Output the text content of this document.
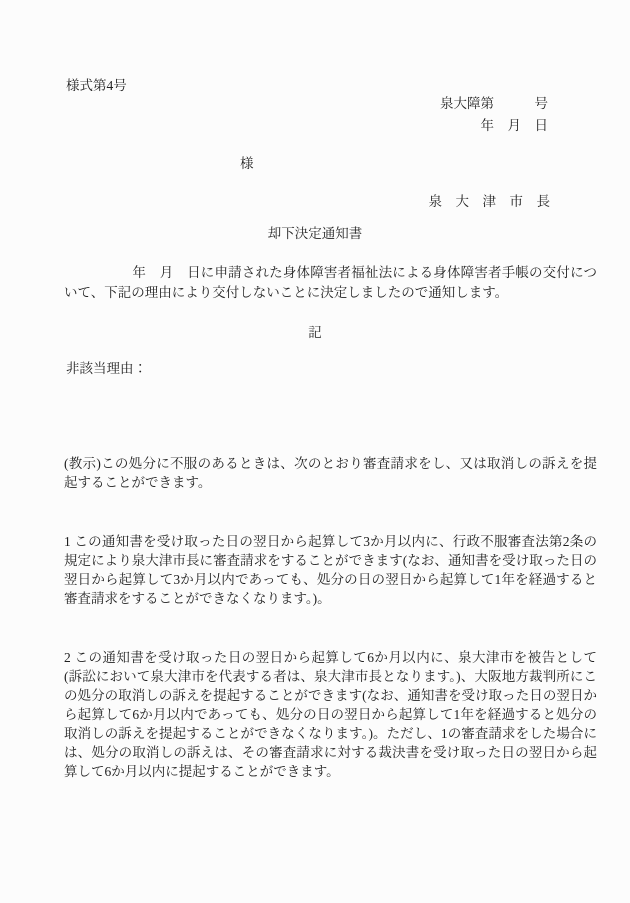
様式第4号
泉大障第　　　号
年　月　日
様
泉　大　津　市　長
却下決定通知書
　　　　　年　月　日に申請された身体障害者福祉法による身体障害者手帳の交付について、下記の理由により交付しないことに決定しましたので通知します。
記
非該当理由：

(教示)この処分に不服のあるときは、次のとおり審査請求をし、又は取消しの訴えを提起することができます。

1 この通知書を受け取った日の翌日から起算して3か月以内に、行政不服審査法第2条の規定により泉大津市長に審査請求をすることができます(なお、通知書を受け取った日の翌日から起算して3か月以内であっても、処分の日の翌日から起算して1年を経過すると審査請求をすることができなくなります。)。

2 この通知書を受け取った日の翌日から起算して6か月以内に、泉大津市を被告として(訴訟において泉大津市を代表する者は、泉大津市長となります。)、大阪地方裁判所にこの処分の取消しの訴えを提起することができます(なお、通知書を受け取った日の翌日から起算して6か月以内であっても、処分の日の翌日から起算して1年を経過すると処分の取消しの訴えを提起することができなくなります。)。ただし、1の審査請求をした場合には、処分の取消しの訴えは、その審査請求に対する裁決書を受け取った日の翌日から起算して6か月以内に提起することができます。
